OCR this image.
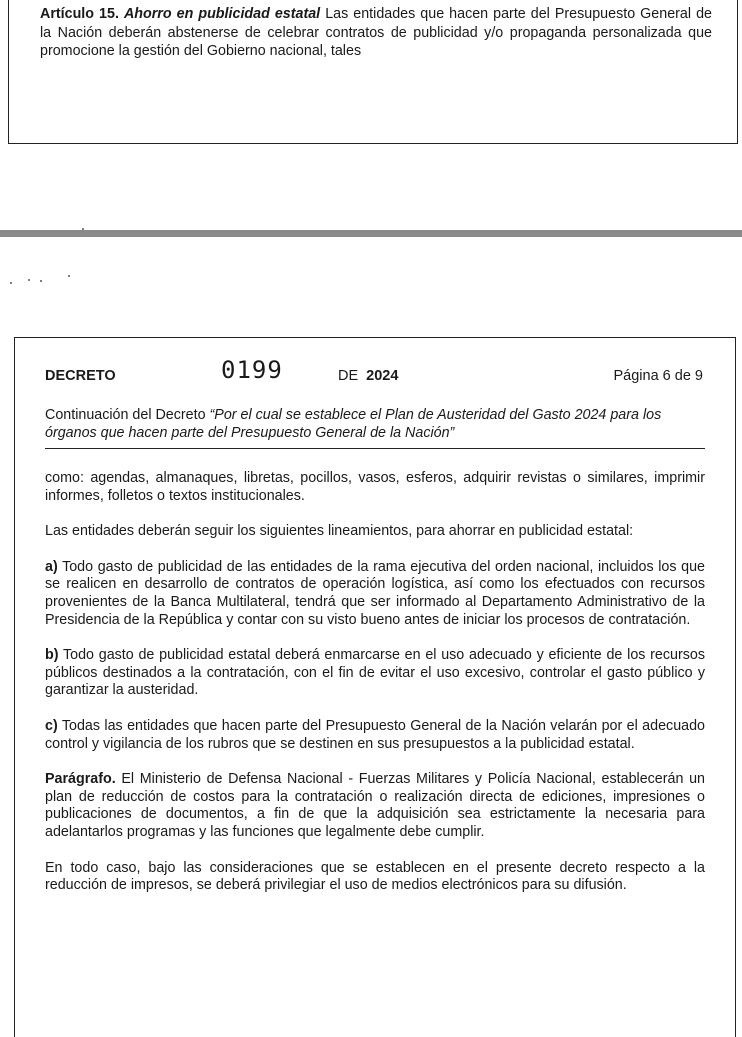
Artículo 15. Ahorro en publicidad estatal Las entidades que hacen parte del Presupuesto General de la Nación deberán abstenerse de celebrar contratos de publicidad y/o propaganda personalizada que promocione la gestión del Gobierno nacional, tales

DECRETO	0199	DE 2024	Página 6 de 9
Continuación del Decreto “Por el cual se establece el Plan de Austeridad del Gasto 2024 para los órganos que hacen parte del Presupuesto General de la Nación”

como: agendas, almanaques, libretas, pocillos, vasos, esferos, adquirir revistas o similares, imprimir informes, folletos o textos institucionales.

Las entidades deberán seguir los siguientes lineamientos, para ahorrar en publicidad estatal:

a) Todo gasto de publicidad de las entidades de la rama ejecutiva del orden nacional, incluidos los que se realicen en desarrollo de contratos de operación logística, así como los efectuados con recursos provenientes de la Banca Multilateral, tendrá que ser informado al Departamento Administrativo de la Presidencia de la República y contar con su visto bueno antes de iniciar los procesos de contratación.

b) Todo gasto de publicidad estatal deberá enmarcarse en el uso adecuado y eficiente de los recursos públicos destinados a la contratación, con el fin de evitar el uso excesivo, controlar el gasto público y garantizar la austeridad.

c) Todas las entidades que hacen parte del Presupuesto General de la Nación velarán por el adecuado control y vigilancia de los rubros que se destinen en sus presupuestos a la publicidad estatal.

Parágrafo. El Ministerio de Defensa Nacional - Fuerzas Militares y Policía Nacional, establecerán un plan de reducción de costos para la contratación o realización directa de ediciones, impresiones o publicaciones de documentos, a fin de que la adquisición sea estrictamente la necesaria para adelantarlos programas y las funciones que legalmente debe cumplir.

En todo caso, bajo las consideraciones que se establecen en el presente decreto respecto a la reducción de impresos, se deberá privilegiar el uso de medios electrónicos para su difusión.
